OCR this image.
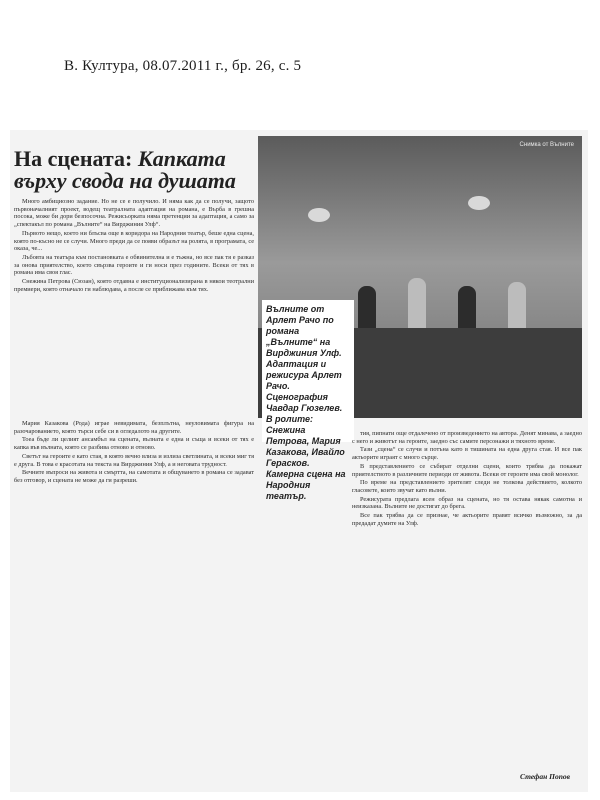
В. Култура, 08.07.2011 г., бр. 26, с. 5
На сцената: Капката
върху свода на душата
Снимка от Вълните
Вълните от Арлет Рачо по романа „Вълните“ на Вирджиния Улф. Адаптация и режисура Арлет Рачо. Сценография Чавдар Гюзелев. В ролите: Снежина Петрова, Мария Казакова, Ивайло Герасков. Камерна сцена на Народния театър.

Много амбициозно задание. Но не се е получило. И няма как да се получи, защото първоначалният проект, водещ театралната адаптация на романа, е Върба в грешна посока, може би дори безпосочна. Режисьорката няма претенции за адаптация, а само за „спектакъл по романа „Вълните“ на Вирджиния Улф“.

Първото нещо, което ни блъсва още в коридора на Народния театър, беше една сцена, която по-късно не се случи. Много преди да се появи образът на ролята, в програмата, се оказа, че...

Лъбовта на театъра към постановката е обвинителна и е тъжна, но все пак тя е разказ за онова приятелство, което свързва героите и ги носи през годините. Всеки от тях в романа има своя глас.

Снежина Петрова (Сюзан), която отдавна е институционализирана в някои теотрални премиери, която отначало ги наблюдава, а после се приближава към тях.

Мария Казакова (Рода) играе невидимата, безплътна, неуловимата фигура на разочарованието, която търси себе си в огледалото на другите.

Тоеа бъде ли целият ансамбъл на сцената, вълната е една и съща и всеки от тях е капка във вълната, която се разбива отново и отново.

Светът на героите е като стая, в която вечно влиза и излиза светлината, и всеки миг тя е друга. В това е красотата на текста на Вирджиния Улф, а и неговата трудност.

Вечните въпроси на живота и смъртта, на самотата и общуването в романа се задават без отговор, и сцената не може да ги разреши.

тия, пипнати още отдалечено от произведението на автора. Денят минава, а заедно с него и животът на героите, заедно със самите персонажи и тяхното време.

Тази „сцена“ се случи и потъна като в тишината на една друга стая. И все пак актьорите играят с много сърце.

В представлението се събират отделни сцени, които трябва да покажат приятелството в различните периоди от живота. Всеки от героите има свой монолог.

По време на представлението зрителят следи не толкова действието, колкото гласовете, които звучат като вълни.

Режисурата предлага ясен образ на сцената, но тя остава някак самотна и неизказана. Вълните не достигат до брега.

Все пак трябва да се признае, че актьорите правят всичко възможно, за да предадат думите на Улф.

Стефан Попов
